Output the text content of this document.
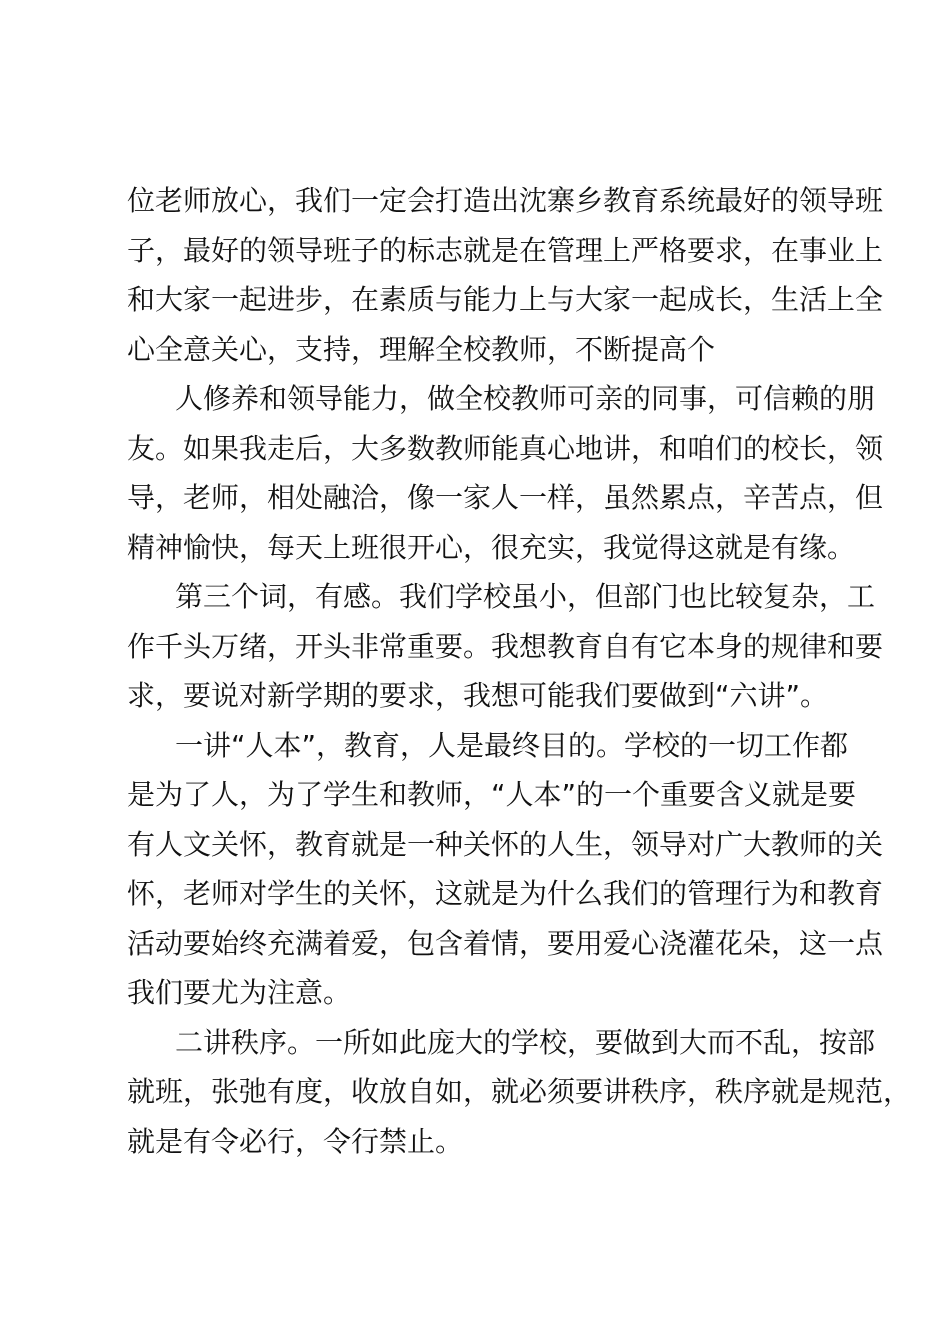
位老师放心，我们一定会打造出沈寨乡教育系统最好的领导班
子，最好的领导班子的标志就是在管理上严格要求，在事业上
和大家一起进步，在素质与能力上与大家一起成长，生活上全
心全意关心，支持，理解全校教师，不断提高个
人修养和领导能力，做全校教师可亲的同事，可信赖的朋
友。如果我走后，大多数教师能真心地讲，和咱们的校长，领
导，老师，相处融洽，像一家人一样，虽然累点，辛苦点，但
精神愉快，每天上班很开心，很充实，我觉得这就是有缘。
第三个词，有感。我们学校虽小，但部门也比较复杂，工
作千头万绪，开头非常重要。我想教育自有它本身的规律和要
求，要说对新学期的要求，我想可能我们要做到“六讲”。
一讲“人本”，教育，人是最终目的。学校的一切工作都
是为了人，为了学生和教师，“人本”的一个重要含义就是要
有人文关怀，教育就是一种关怀的人生，领导对广大教师的关
怀，老师对学生的关怀，这就是为什么我们的管理行为和教育
活动要始终充满着爱，包含着情，要用爱心浇灌花朵，这一点
我们要尤为注意。
二讲秩序。一所如此庞大的学校，要做到大而不乱，按部
就班，张弛有度，收放自如，就必须要讲秩序，秩序就是规范，
就是有令必行，令行禁止。
